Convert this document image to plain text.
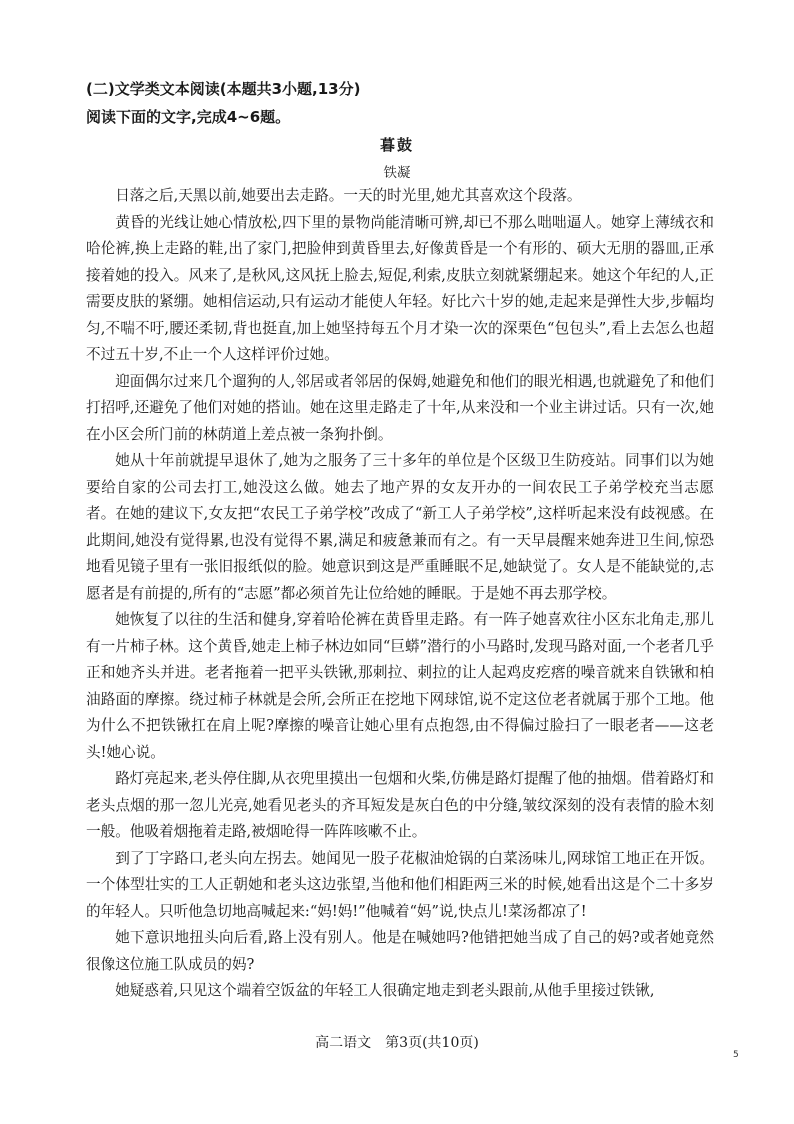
(二)文学类文本阅读(本题共3小题,13分)
阅读下面的文字,完成4~6题。
暮鼓
铁凝

日落之后,天黑以前,她要出去走路。一天的时光里,她尤其喜欢这个段落。

黄昏的光线让她心情放松,四下里的景物尚能清晰可辨,却已不那么咄咄逼人。她穿上薄绒衣和哈伦裤,换上走路的鞋,出了家门,把脸伸到黄昏里去,好像黄昏是一个有形的、硕大无朋的器皿,正承接着她的投入。风来了,是秋风,这风抚上脸去,短促,利索,皮肤立刻就紧绷起来。她这个年纪的人,正需要皮肤的紧绷。她相信运动,只有运动才能使人年轻。好比六十岁的她,走起来是弹性大步,步幅均匀,不喘不吁,腰还柔韧,背也挺直,加上她坚持每五个月才染一次的深栗色“包包头”,看上去怎么也超不过五十岁,不止一个人这样评价过她。

迎面偶尔过来几个遛狗的人,邻居或者邻居的保姆,她避免和他们的眼光相遇,也就避免了和他们打招呼,还避免了他们对她的搭讪。她在这里走路走了十年,从来没和一个业主讲过话。只有一次,她在小区会所门前的林荫道上差点被一条狗扑倒。

她从十年前就提早退休了,她为之服务了三十多年的单位是个区级卫生防疫站。同事们以为她要给自家的公司去打工,她没这么做。她去了地产界的女友开办的一间农民工子弟学校充当志愿者。在她的建议下,女友把“农民工子弟学校”改成了“新工人子弟学校”,这样听起来没有歧视感。在此期间,她没有觉得累,也没有觉得不累,满足和疲惫兼而有之。有一天早晨醒来她奔进卫生间,惊恐地看见镜子里有一张旧报纸似的脸。她意识到这是严重睡眠不足,她缺觉了。女人是不能缺觉的,志愿者是有前提的,所有的“志愿”都必须首先让位给她的睡眠。于是她不再去那学校。

她恢复了以往的生活和健身,穿着哈伦裤在黄昏里走路。有一阵子她喜欢往小区东北角走,那儿有一片柿子林。这个黄昏,她走上柿子林边如同“巨蟒”潜行的小马路时,发现马路对面,一个老者几乎正和她齐头并进。老者拖着一把平头铁锹,那刺拉、刺拉的让人起鸡皮疙瘩的噪音就来自铁锹和柏油路面的摩擦。绕过柿子林就是会所,会所正在挖地下网球馆,说不定这位老者就属于那个工地。他为什么不把铁锹扛在肩上呢?摩擦的噪音让她心里有点抱怨,由不得偏过脸扫了一眼老者——这老头!她心说。

路灯亮起来,老头停住脚,从衣兜里摸出一包烟和火柴,仿佛是路灯提醒了他的抽烟。借着路灯和老头点烟的那一忽儿光亮,她看见老头的齐耳短发是灰白色的中分缝,皱纹深刻的没有表情的脸木刻一般。他吸着烟拖着走路,被烟呛得一阵阵咳嗽不止。

到了丁字路口,老头向左拐去。她闻见一股子花椒油炝锅的白菜汤味儿,网球馆工地正在开饭。一个体型壮实的工人正朝她和老头这边张望,当他和他们相距两三米的时候,她看出这是个二十多岁的年轻人。只听他急切地高喊起来:“妈!妈!”他喊着“妈”说,快点儿!菜汤都凉了!

她下意识地扭头向后看,路上没有别人。他是在喊她吗?他错把她当成了自己的妈?或者她竟然很像这位施工队成员的妈?

她疑惑着,只见这个端着空饭盆的年轻工人很确定地走到老头跟前,从他手里接过铁锹,

高二语文　第3页(共10页)
5
